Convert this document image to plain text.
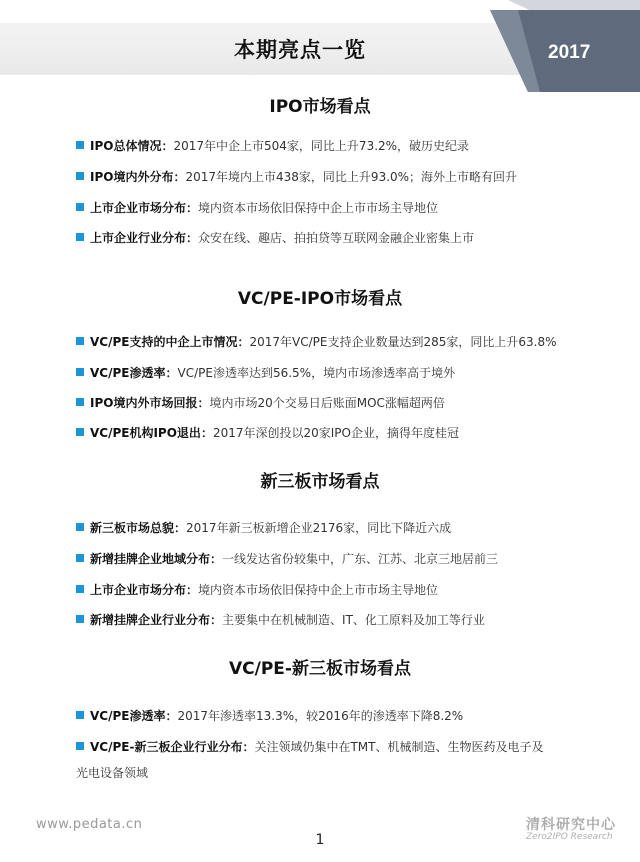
本期亮点一览	2017
IPO市场看点
IPO总体情况：2017年中企上市504家，同比上升73.2%，破历史纪录
IPO境内外分布：2017年境内上市438家，同比上升93.0%；海外上市略有回升
上市企业市场分布：境内资本市场依旧保持中企上市市场主导地位
上市企业行业分布：众安在线、趣店、拍拍贷等互联网金融企业密集上市
VC/PE-IPO市场看点
VC/PE支持的中企上市情况：2017年VC/PE支持企业数量达到285家，同比上升63.8%
VC/PE渗透率：VC/PE渗透率达到56.5%，境内市场渗透率高于境外
IPO境内外市场回报：境内市场20个交易日后账面MOC涨幅超两倍
VC/PE机构IPO退出：2017年深创投以20家IPO企业，摘得年度桂冠
新三板市场看点
新三板市场总貌：2017年新三板新增企业2176家，同比下降近六成
新增挂牌企业地域分布：一线发达省份较集中，广东、江苏、北京三地居前三
上市企业市场分布：境内资本市场依旧保持中企上市市场主导地位
新增挂牌企业行业分布：主要集中在机械制造、IT、化工原料及加工等行业
VC/PE-新三板市场看点
VC/PE渗透率：2017年渗透率13.3%，较2016年的渗透率下降8.2%
VC/PE-新三板企业行业分布：关注领域仍集中在TMT、机械制造、生物医药及电子及
光电设备领域
www.pedata.cn
1
清科研究中心
Zero2IPO Research
